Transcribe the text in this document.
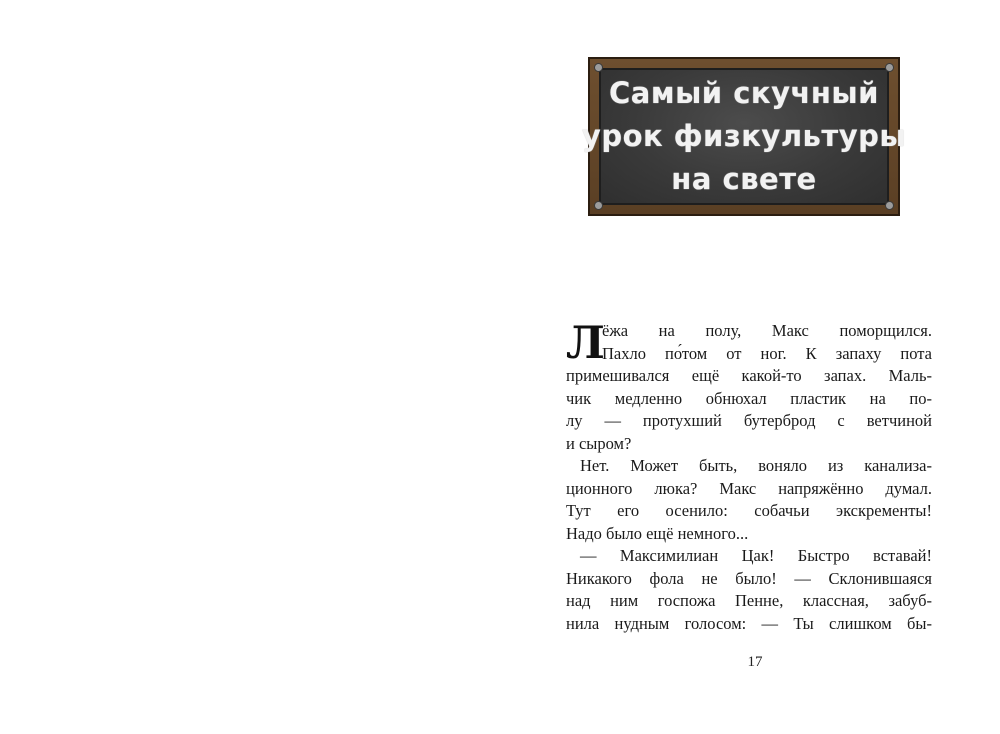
Самый скучный
урок физкультуры
на свете
Л
ёжа на полу, Макс поморщился.
Пахло по́том от ног. К запаху пота
примешивался ещё какой-то запах. Маль-
чик медленно обнюхал пластик на по-
лу — протухший бутерброд с ветчиной
и сыром?
Нет. Может быть, воняло из канализа-
ционного люка? Макс напряжённо думал.
Тут его осенило: собачьи экскременты!
Надо было ещё немного...
— Максимилиан Цак! Быстро вставай!
Никакого фола не было! — Склонившаяся
над ним госпожа Пенне, классная, забуб-
нила нудным голосом: — Ты слишком бы-
17
